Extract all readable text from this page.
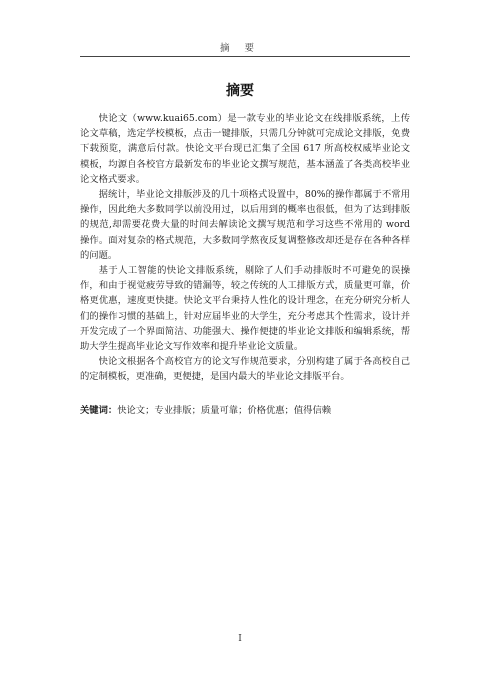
摘 要
摘要

快论文（www.kuai65.com）是一款专业的毕业论文在线排版系统，上传论文草稿，选定学校模板，点击一键排版，只需几分钟就可完成论文排版，免费下载预览，满意后付款。快论文平台现已汇集了全国 617 所高校权威毕业论文模板，均源自各校官方最新发布的毕业论文撰写规范，基本涵盖了各类高校毕业论文格式要求。

据统计，毕业论文排版涉及的几十项格式设置中，80%的操作都属于不常用操作，因此绝大多数同学以前没用过，以后用到的概率也很低，但为了达到排版的规范,却需要花费大量的时间去解读论文撰写规范和学习这些不常用的 word 操作。面对复杂的格式规范，大多数同学熬夜反复调整修改却还是存在各种各样的问题。

基于人工智能的快论文排版系统，剔除了人们手动排版时不可避免的误操作，和由于视觉疲劳导致的错漏等，较之传统的人工排版方式，质量更可靠，价格更优惠，速度更快捷。快论文平台秉持人性化的设计理念，在充分研究分析人们的操作习惯的基础上，针对应届毕业的大学生，充分考虑其个性需求，设计并开发完成了一个界面简洁、功能强大、操作便捷的毕业论文排版和编辑系统，帮助大学生提高毕业论文写作效率和提升毕业论文质量。

快论文根据各个高校官方的论文写作规范要求，分别构建了属于各高校自己的定制模板，更准确，更便捷，是国内最大的毕业论文排版平台。

关键词：快论文；专业排版；质量可靠；价格优惠；值得信赖
I
